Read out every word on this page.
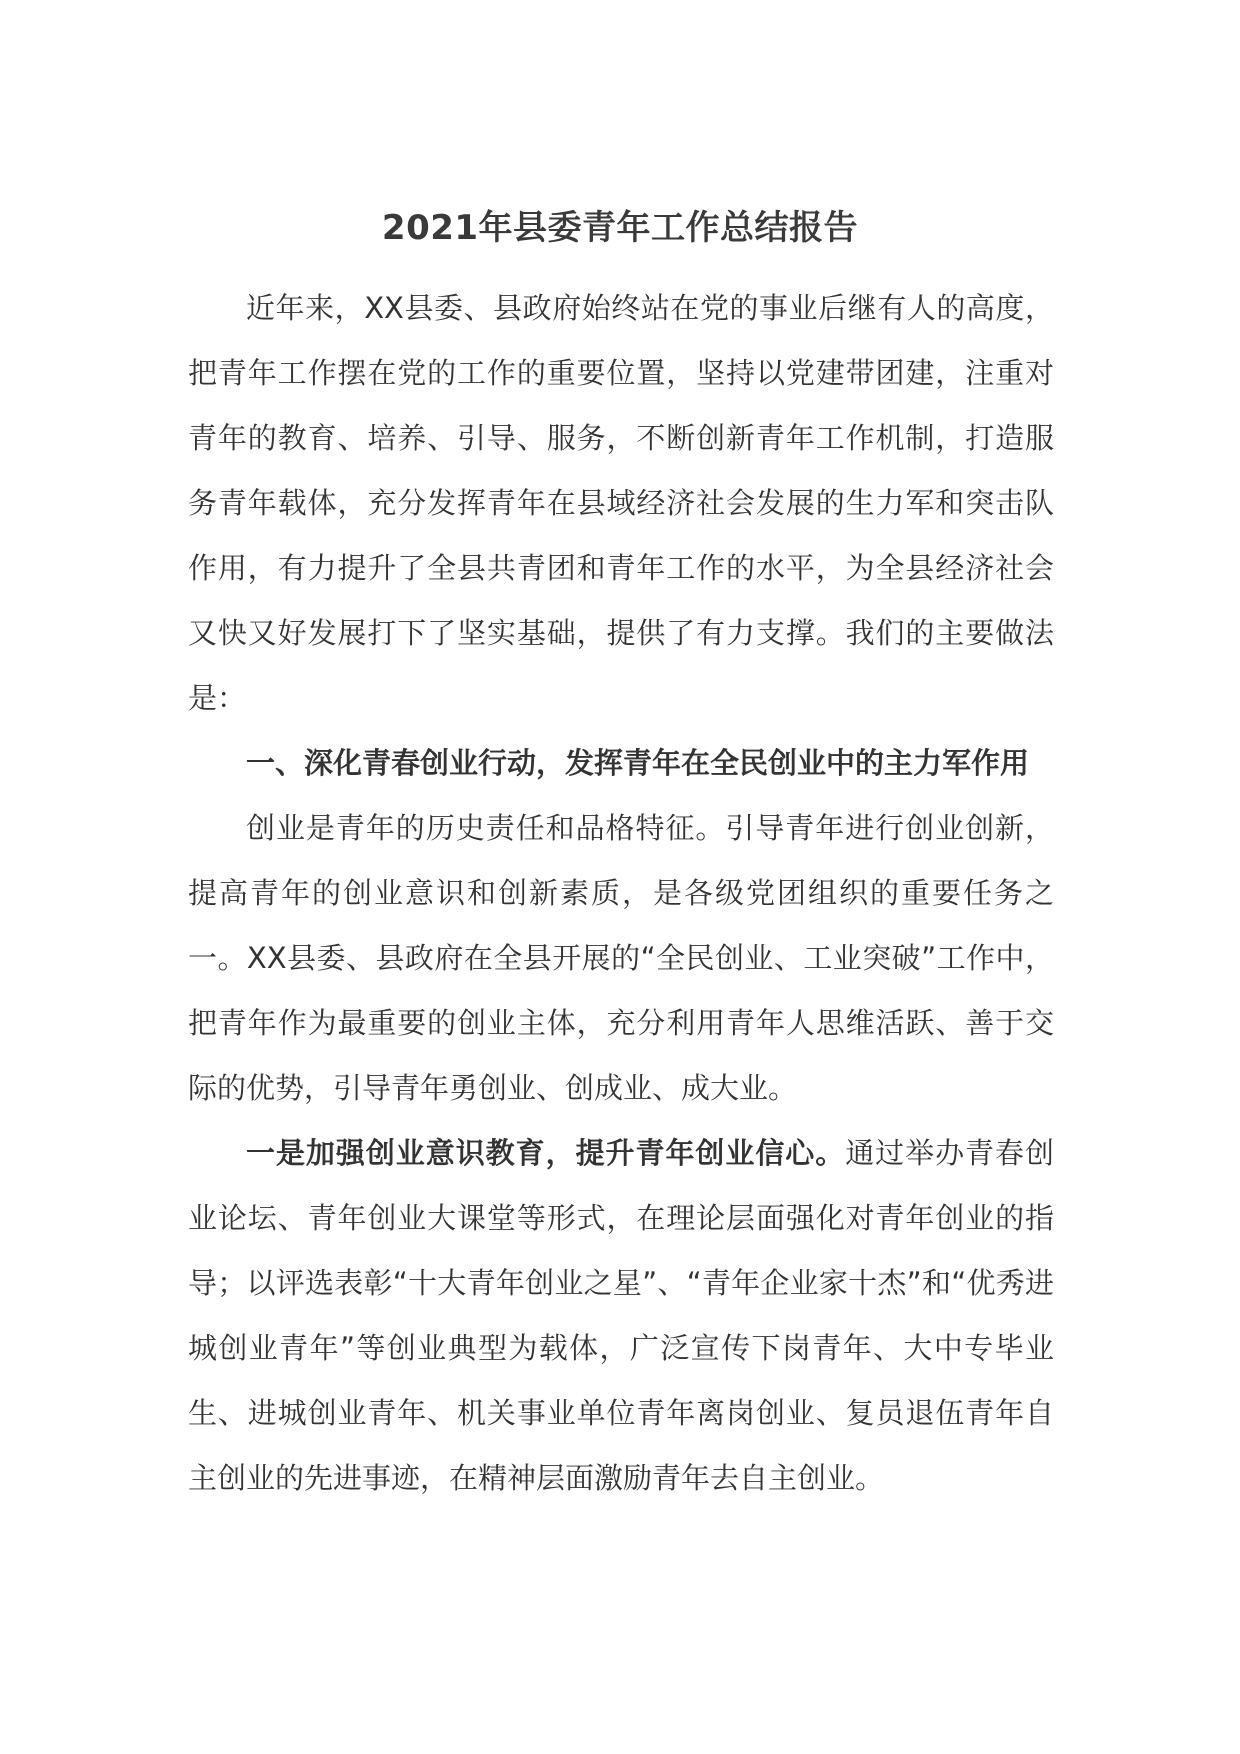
2021年县委青年工作总结报告

近年来，XX县委、县政府始终站在党的事业后继有人的高度，把青年工作摆在党的工作的重要位置，坚持以党建带团建，注重对青年的教育、培养、引导、服务，不断创新青年工作机制，打造服务青年载体，充分发挥青年在县域经济社会发展的生力军和突击队作用，有力提升了全县共青团和青年工作的水平，为全县经济社会又快又好发展打下了坚实基础，提供了有力支撑。我们的主要做法是：

一、深化青春创业行动，发挥青年在全民创业中的主力军作用

创业是青年的历史责任和品格特征。引导青年进行创业创新，提高青年的创业意识和创新素质，是各级党团组织的重要任务之一。XX县委、县政府在全县开展的“全民创业、工业突破”工作中，把青年作为最重要的创业主体，充分利用青年人思维活跃、善于交际的优势，引导青年勇创业、创成业、成大业。

一是加强创业意识教育，提升青年创业信心。通过举办青春创业论坛、青年创业大课堂等形式，在理论层面强化对青年创业的指导；以评选表彰“十大青年创业之星”、“青年企业家十杰”和“优秀进城创业青年”等创业典型为载体，广泛宣传下岗青年、大中专毕业生、进城创业青年、机关事业单位青年离岗创业、复员退伍青年自主创业的先进事迹，在精神层面激励青年去自主创业。
